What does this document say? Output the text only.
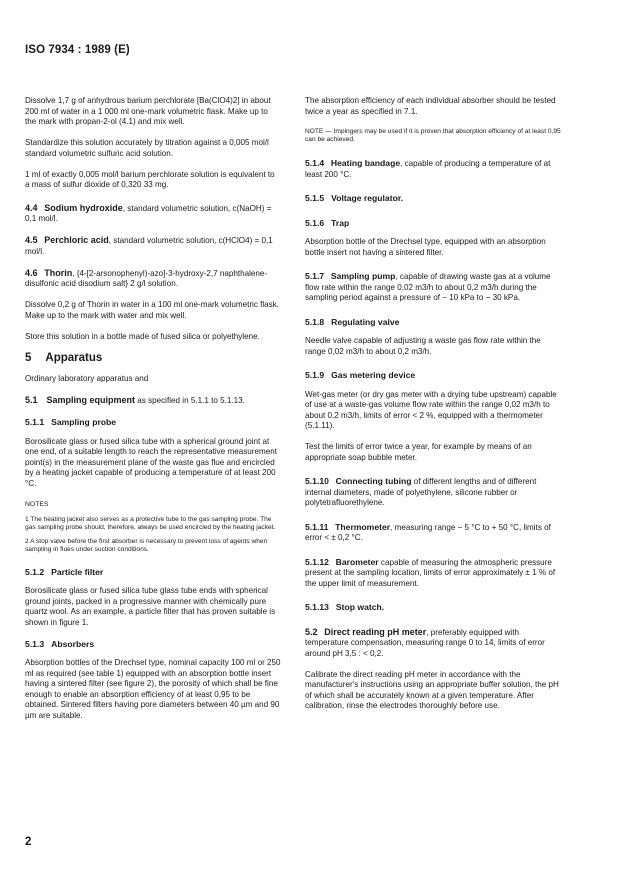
ISO 7934 : 1989 (E)

Dissolve 1,7 g of anhydrous barium perchlorate [Ba(ClO4)2] in about 200 ml of water in a 1 000 ml one-mark volumetric flask. Make up to the mark with propan-2-ol (4.1) and mix well.

Standardize this solution accurately by titration against a 0,005 mol/l standard volumetric sulfuric acid solution.

1 ml of exactly 0,005 mol/l barium perchlorate solution is equivalent to a mass of sulfur dioxide of 0,320 33 mg.

4.4 Sodium hydroxide, standard volumetric solution, c(NaOH) = 0,1 mol/l.

4.5 Perchloric acid, standard volumetric solution, c(HClO4) = 0,1 mol/l.

4.6 Thorin, {4-[2-arsonophenyl)-azo]-3-hydroxy-2,7 naphthalene-disulfonic acid disodium salt} 2 g/l solution.

Dissolve 0,2 g of Thorin in water in a 100 ml one-mark volumetric flask. Make up to the mark with water and mix well.

Store this solution in a bottle made of fused silica or polyethylene.

5 Apparatus

Ordinary laboratory apparatus and

5.1 Sampling equipment as specified in 5.1.1 to 5.1.13.

5.1.1 Sampling probe

Borosilicate glass or fused silica tube with a spherical ground joint at one end, of a suitable length to reach the representative measurement point(s) in the measurement plane of the waste gas flue and encircled by a heating jacket capable of producing a temperature of at least 200 °C.

NOTES

1 The heating jacket also serves as a protective tube to the gas sampling probe. The gas sampling probe should, therefore, always be used encircled by the heating jacket.

2 A stop valve before the first absorber is necessary to prevent loss of agents when sampling in flues under suction conditions.

5.1.2 Particle filter

Borosilicate glass or fused silica tube glass tube ends with spherical ground joints, packed in a progressive manner with chemically pure quartz wool. As an example, a particle filter that has proven suitable is shown in figure 1.

5.1.3 Absorbers

Absorption bottles of the Drechsel type, nominal capacity 100 ml or 250 ml as required (see table 1) equipped with an absorption bottle insert having a sintered filter (see figure 2), the porosity of which shall be fine enough to enable an absorption efficiency of at least 0,95 to be obtained. Sintered filters having pore diameters between 40 µm and 90 µm are suitable.

The absorption efficiency of each individual absorber should be tested twice a year as specified in 7.1.

NOTE — Impingers may be used if it is proven that absorption efficiency of at least 0,95 can be achieved.

5.1.4 Heating bandage, capable of producing a temperature of at least 200 °C.

5.1.5 Voltage regulator.
5.1.6 Trap

Absorption bottle of the Drechsel type, equipped with an absorption bottle insert not having a sintered filter.

5.1.7 Sampling pump, capable of drawing waste gas at a volume flow rate within the range 0,02 m3/h to about 0,2 m3/h during the sampling period against a pressure of − 10 kPa to − 30 kPa.

5.1.8 Regulating valve

Needle valve capable of adjusting a waste gas flow rate within the range 0,02 m3/h to about 0,2 m3/h.

5.1.9 Gas metering device

Wet-gas meter (or dry gas meter with a drying tube upstream) capable of use at a waste-gas volume flow rate within the range 0,02 m3/h to about 0,2 m3/h, limits of error < 2 %, equipped with a thermometer (5.1.11).

Test the limits of error twice a year, for example by means of an appropriate soap bubble meter.

5.1.10 Connecting tubing of different lengths and of different internal diameters, made of polyethylene, silicone rubber or polytetrafluorethylene.

5.1.11 Thermometer, measuring range − 5 °C to + 50 °C, limits of error < ± 0,2 °C.

5.1.12 Barometer capable of measuring the atmospheric pressure present at the sampling location, limits of error approximately ± 1 % of the upper limit of measurement.

5.1.13 Stop watch.

5.2 Direct reading pH meter, preferably equipped with temperature compensation, measuring range 0 to 14, limits of error around pH 3,5 : < 0,2.

Calibrate the direct reading pH meter in accordance with the manufacturer's instructions using an appropriate buffer solution, the pH of which shall be accurately known at a given temperature. After calibration, rinse the electrodes thoroughly before use.

2
